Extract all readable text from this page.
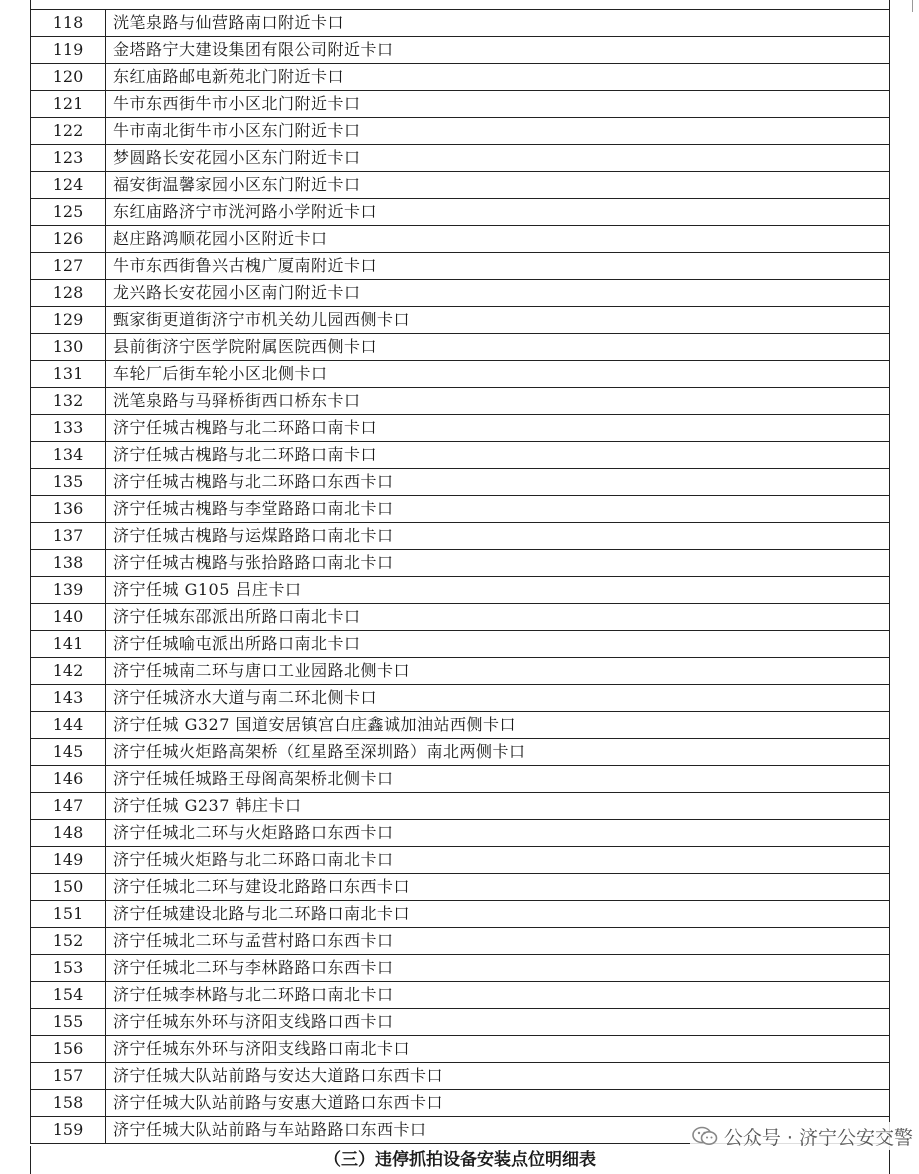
118	洸笔泉路与仙营路南口附近卡口
119	金塔路宁大建设集团有限公司附近卡口
120	东红庙路邮电新苑北门附近卡口
121	牛市东西街牛市小区北门附近卡口
122	牛市南北街牛市小区东门附近卡口
123	梦圆路长安花园小区东门附近卡口
124	福安街温馨家园小区东门附近卡口
125	东红庙路济宁市洸河路小学附近卡口
126	赵庄路鸿顺花园小区附近卡口
127	牛市东西街鲁兴古槐广厦南附近卡口
128	龙兴路长安花园小区南门附近卡口
129	甄家街更道街济宁市机关幼儿园西侧卡口
130	县前街济宁医学院附属医院西侧卡口
131	车轮厂后街车轮小区北侧卡口
132	洸笔泉路与马驿桥街西口桥东卡口
133	济宁任城古槐路与北二环路口南卡口
134	济宁任城古槐路与北二环路口南卡口
135	济宁任城古槐路与北二环路口东西卡口
136	济宁任城古槐路与李堂路路口南北卡口
137	济宁任城古槐路与运煤路路口南北卡口
138	济宁任城古槐路与张拾路路口南北卡口
139	济宁任城 G105 吕庄卡口
140	济宁任城东邵派出所路口南北卡口
141	济宁任城喻屯派出所路口南北卡口
142	济宁任城南二环与唐口工业园路北侧卡口
143	济宁任城济水大道与南二环北侧卡口
144	济宁任城 G327 国道安居镇宫白庄鑫诚加油站西侧卡口
145	济宁任城火炬路高架桥（红星路至深圳路）南北两侧卡口
146	济宁任城任城路王母阁高架桥北侧卡口
147	济宁任城 G237 韩庄卡口
148	济宁任城北二环与火炬路路口东西卡口
149	济宁任城火炬路与北二环路口南北卡口
150	济宁任城北二环与建设北路路口东西卡口
151	济宁任城建设北路与北二环路口南北卡口
152	济宁任城北二环与孟营村路口东西卡口
153	济宁任城北二环与李林路路口东西卡口
154	济宁任城李林路与北二环路口南北卡口
155	济宁任城东外环与济阳支线路口西卡口
156	济宁任城东外环与济阳支线路口南北卡口
157	济宁任城大队站前路与安达大道路口东西卡口
158	济宁任城大队站前路与安惠大道路口东西卡口
159	济宁任城大队站前路与车站路路口东西卡口
（三）违停抓拍设备安装点位明细表
公众号 · 济宁公安交警
